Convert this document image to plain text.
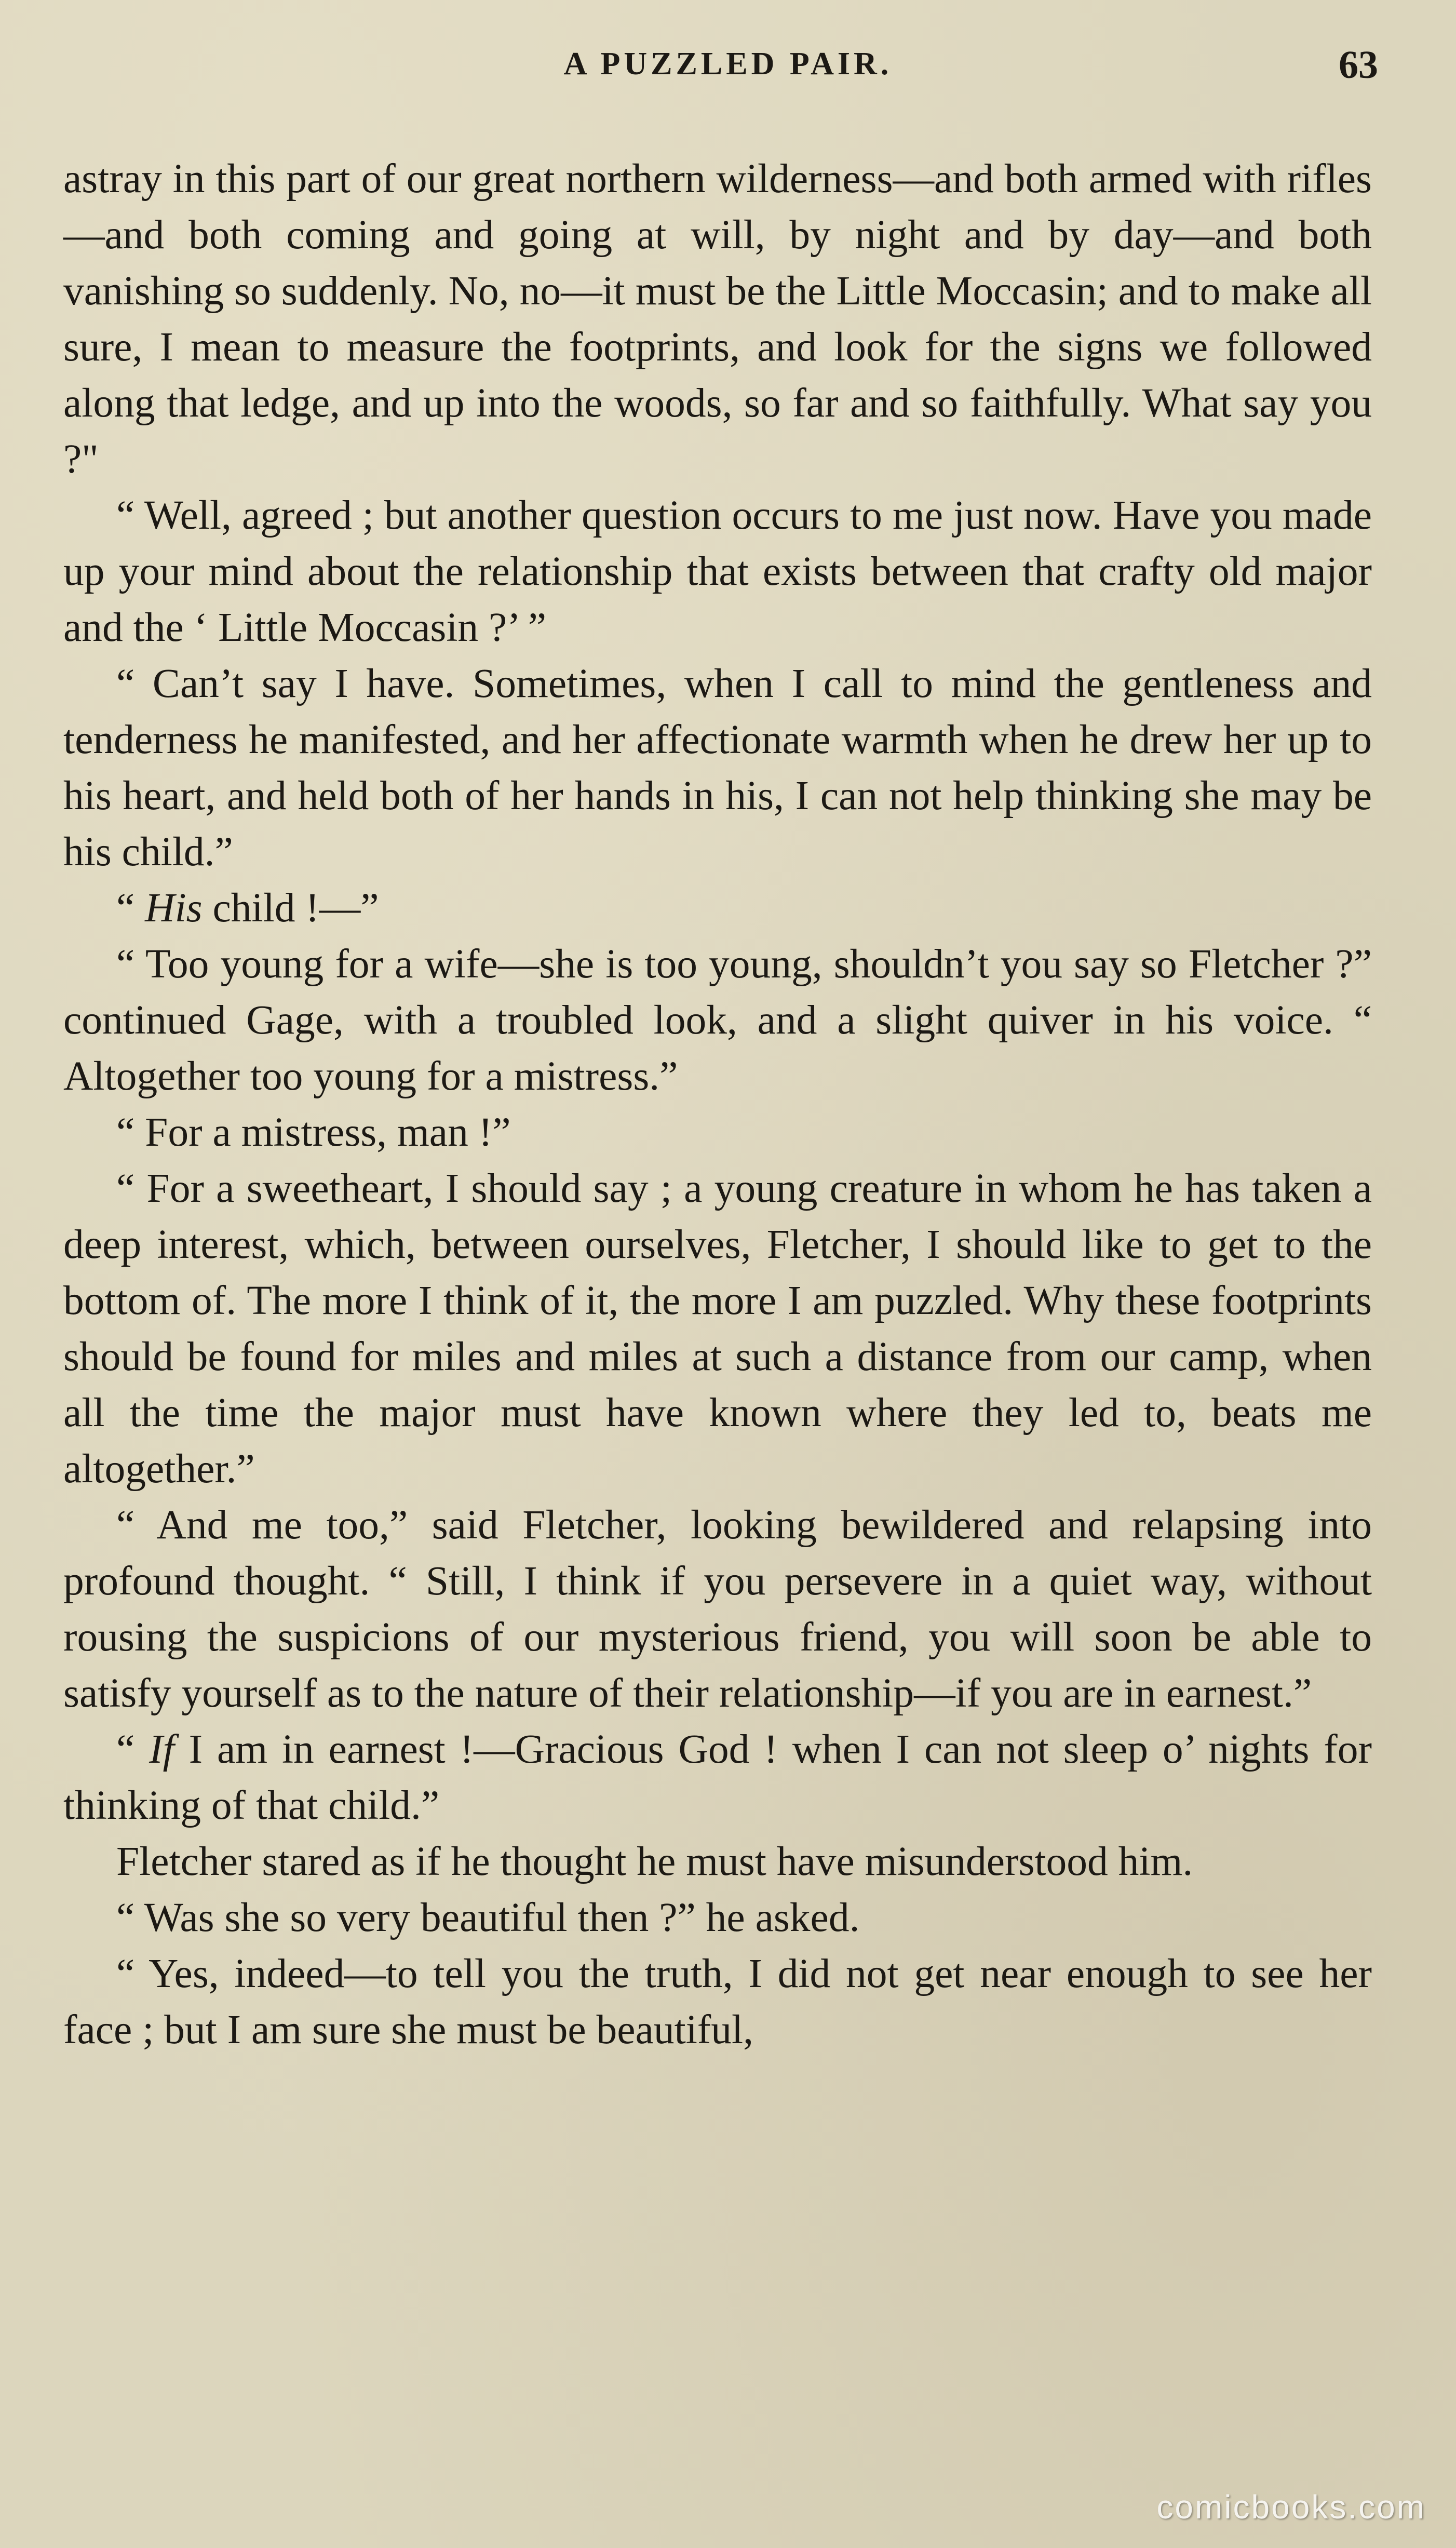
A PUZZLED PAIR.	63

astray in this part of our great northern wilderness—and both armed with rifles—and both coming and going at will, by night and by day—and both vanishing so suddenly. No, no—it must be the Little Moccasin; and to make all sure, I mean to measure the footprints, and look for the signs we followed along that ledge, and up into the woods, so far and so faithfully. What say you ?"

“ Well, agreed ; but another question occurs to me just now. Have you made up your mind about the relationship that exists between that crafty old major and the ‘ Little Moccasin ?’ ”

“ Can’t say I have. Sometimes, when I call to mind the gentleness and tenderness he manifested, and her affectionate warmth when he drew her up to his heart, and held both of her hands in his, I can not help thinking she may be his child.”

“ His child !—”

“ Too young for a wife—she is too young, shouldn’t you say so Fletcher ?” continued Gage, with a troubled look, and a slight quiver in his voice. “ Altogether too young for a mistress.”

“ For a mistress, man !”

“ For a sweetheart, I should say ; a young creature in whom he has taken a deep interest, which, between ourselves, Fletcher, I should like to get to the bottom of. The more I think of it, the more I am puzzled. Why these footprints should be found for miles and miles at such a distance from our camp, when all the time the major must have known where they led to, beats me altogether.”

“ And me too,” said Fletcher, looking bewildered and relapsing into profound thought. “ Still, I think if you persevere in a quiet way, without rousing the suspicions of our mysterious friend, you will soon be able to satisfy yourself as to the nature of their relationship—if you are in earnest.”

“ If I am in earnest !—Gracious God ! when I can not sleep o’ nights for thinking of that child.”

Fletcher stared as if he thought he must have misunderstood him.

“ Was she so very beautiful then ?” he asked.

“ Yes, indeed—to tell you the truth, I did not get near enough to see her face ; but I am sure she must be beautiful,

comicbooks.com
